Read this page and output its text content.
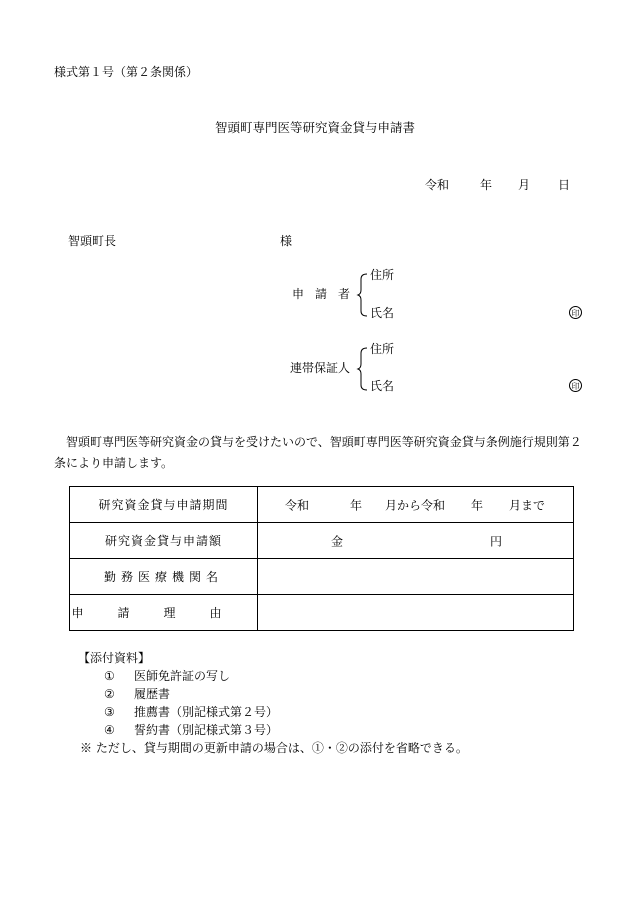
様式第１号（第２条関係）
智頭町専門医等研究資金貸与申請書
令和	年 月 日
智頭町長	様
申請者
住所
氏名	印
連帯保証人
住所
氏名	印
智頭町専門医等研究資金の貸与を受けたいので、智頭町専門医等研究資金貸与条例施行規則第２条により申請します。
研究資金貸与申請期間	令和 年 月から令和 年 月まで

研究資金貸与申請額	金 円

勤務医療機関名	
申請理由	
【添付資料】
① 医師免許証の写し
② 履歴書
③ 推薦書（別記様式第２号）
④ 誓約書（別記様式第３号）
※ ただし、貸与期間の更新申請の場合は、①・②の添付を省略できる。
